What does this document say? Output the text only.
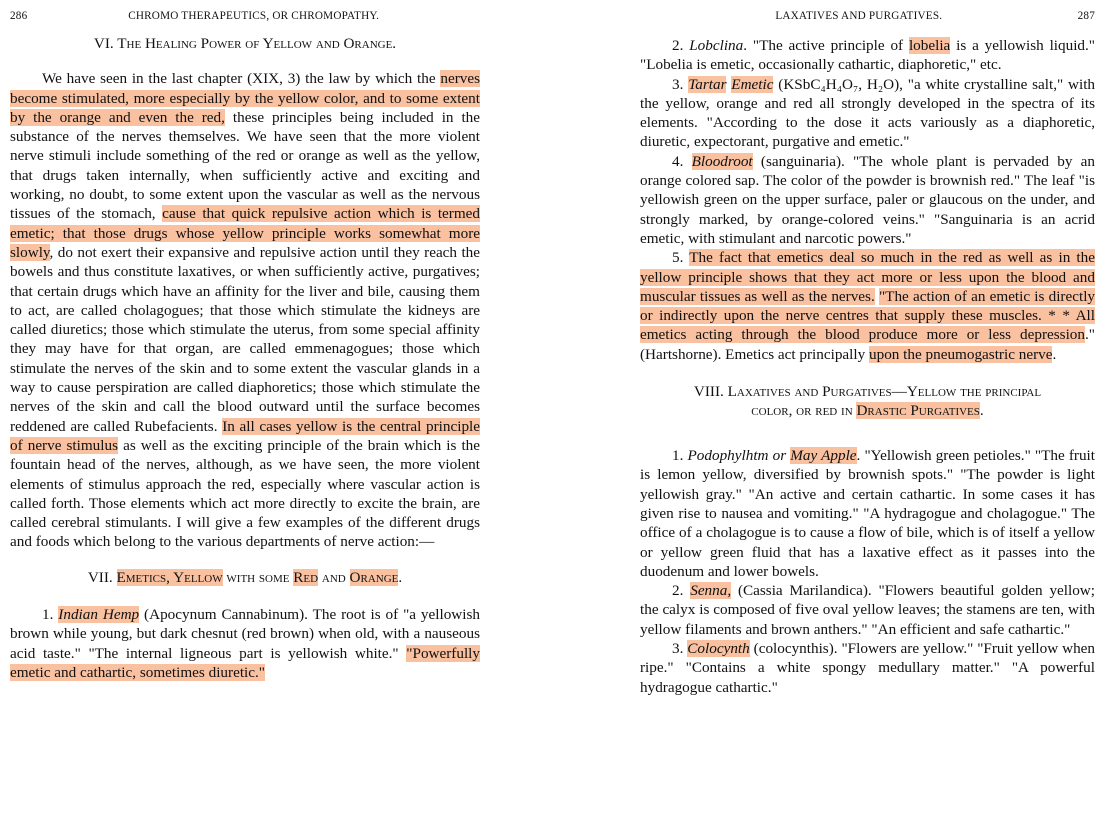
286	CHROMO THERAPEUTICS, OR CHROMOPATHY.
VI. The Healing Power of Yellow and Orange.

We have seen in the last chapter (XIX, 3) the law by which the nerves become stimulated, more especially by the yellow color, and to some extent by the orange and even the red, these principles being included in the substance of the nerves themselves. We have seen that the more violent nerve stimuli include something of the red or orange as well as the yellow, that drugs taken internally, when sufficiently active and exciting and working, no doubt, to some extent upon the vascular as well as the nervous tissues of the stomach, cause that quick repulsive action which is termed emetic; that those drugs whose yellow principle works somewhat more slowly, do not exert their expansive and repulsive action until they reach the bowels and thus constitute laxatives, or when sufficiently active, purgatives; that certain drugs which have an affinity for the liver and bile, causing them to act, are called cholagogues; that those which stimulate the kidneys are called diuretics; those which stimulate the uterus, from some special affinity they may have for that organ, are called emmenagogues; those which stimulate the nerves of the skin and to some extent the vascular glands in a way to cause perspiration are called diaphoretics; those which stimulate the nerves of the skin and call the blood outward until the surface becomes reddened are called Rubefacients. In all cases yellow is the central principle of nerve stimulus as well as the exciting principle of the brain which is the fountain head of the nerves, although, as we have seen, the more violent elements of stimulus approach the red, especially where vascular action is called forth. Those elements which act more directly to excite the brain, are called cerebral stimulants. I will give a few examples of the different drugs and foods which belong to the various departments of nerve action:—

VII. Emetics, Yellow with some Red and Orange.

1. Indian Hemp (Apocynum Cannabinum). The root is of "a yellowish brown while young, but dark chesnut (red brown) when old, with a nauseous acid taste." "The internal ligneous part is yellowish white." "Powerfully emetic and cathartic, sometimes diuretic."

LAXATIVES AND PURGATIVES.	287

2. Lobclina. "The active principle of lobelia is a yellowish liquid." "Lobelia is emetic, occasionally cathartic, diaphoretic," etc.

3. Tartar Emetic (KSbC₄H₄O₇, H₂O), "a white crystalline salt," with the yellow, orange and red all strongly developed in the spectra of its elements. "According to the dose it acts variously as a diaphoretic, diuretic, expectorant, purgative and emetic."

4. Bloodroot (sanguinaria). "The whole plant is pervaded by an orange colored sap. The color of the powder is brownish red." The leaf "is yellowish green on the upper surface, paler or glaucous on the under, and strongly marked, by orange-colored veins." "Sanguinaria is an acrid emetic, with stimulant and narcotic powers."

5. The fact that emetics deal so much in the red as well as in the yellow principle shows that they act more or less upon the blood and muscular tissues as well as the nerves. "The action of an emetic is directly or indirectly upon the nerve centres that supply these muscles. * * All emetics acting through the blood produce more or less depression." (Hartshorne). Emetics act principally upon the pneumogastric nerve.

VIII. Laxatives and Purgatives—Yellow the principal
color, or red in Drastic Purgatives.

1. Podophylhtm or May Apple. "Yellowish green petioles." "The fruit is lemon yellow, diversified by brownish spots." "The powder is light yellowish gray." "An active and certain cathartic. In some cases it has given rise to nausea and vomiting." "A hydragogue and cholagogue." The office of a cholagogue is to cause a flow of bile, which is of itself a yellow or yellow green fluid that has a laxative effect as it passes into the duodenum and lower bowels.

2. Senna, (Cassia Marilandica). "Flowers beautiful golden yellow; the calyx is composed of five oval yellow leaves; the stamens are ten, with yellow filaments and brown anthers." "An efficient and safe cathartic."

3. Colocynth (colocynthis). "Flowers are yellow." "Fruit yellow when ripe." "Contains a white spongy medullary matter." "A powerful hydragogue cathartic."
